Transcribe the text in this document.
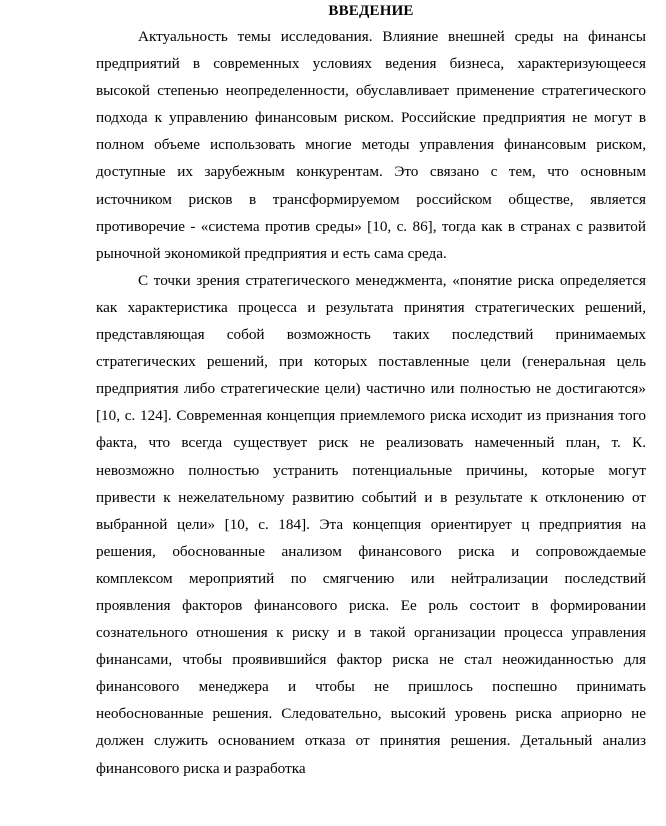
ВВЕДЕНИЕ

Актуальность темы исследования. Влияние внешней среды на финансы предприятий в современных условиях ведения бизнеса, характеризующееся высокой степенью неопределенности, обуславливает применение стратегического подхода к управлению финансовым риском. Российские предприятия не могут в полном объеме использовать многие методы управления финансовым риском, доступные их зарубежным конкурентам. Это связано с тем, что основным источником рисков в трансформируемом российском обществе, является противоречие - «система против среды» [10, с. 86], тогда как в странах с развитой рыночной экономикой предприятия и есть сама среда.

С точки зрения стратегического менеджмента, «понятие риска определяется как характеристика процесса и результата принятия стратегических решений, представляющая собой возможность таких последствий принимаемых стратегических решений, при которых поставленные цели (генеральная цель предприятия либо стратегические цели) частично или полностью не достигаются» [10, с. 124]. Современная концепция приемлемого риска исходит из признания того факта, что всегда существует риск не реализовать намеченный план, т. К. невозможно полностью устранить потенциальные причины, которые могут привести к нежелательному развитию событий и в результате к отклонению от выбранной цели» [10, с. 184]. Эта концепция ориентирует ц предприятия на решения, обоснованные анализом финансового риска и сопровождаемые комплексом мероприятий по смягчению или нейтрализации последствий проявления факторов финансового риска. Ее роль состоит в формировании сознательного отношения к риску и в такой организации процесса управления финансами, чтобы проявившийся фактор риска не стал неожиданностью для финансового менеджера и чтобы не пришлось поспешно принимать необоснованные решения. Следовательно, высокий уровень риска априорно не должен служить основанием отказа от принятия решения. Детальный анализ финансового риска и разработка
